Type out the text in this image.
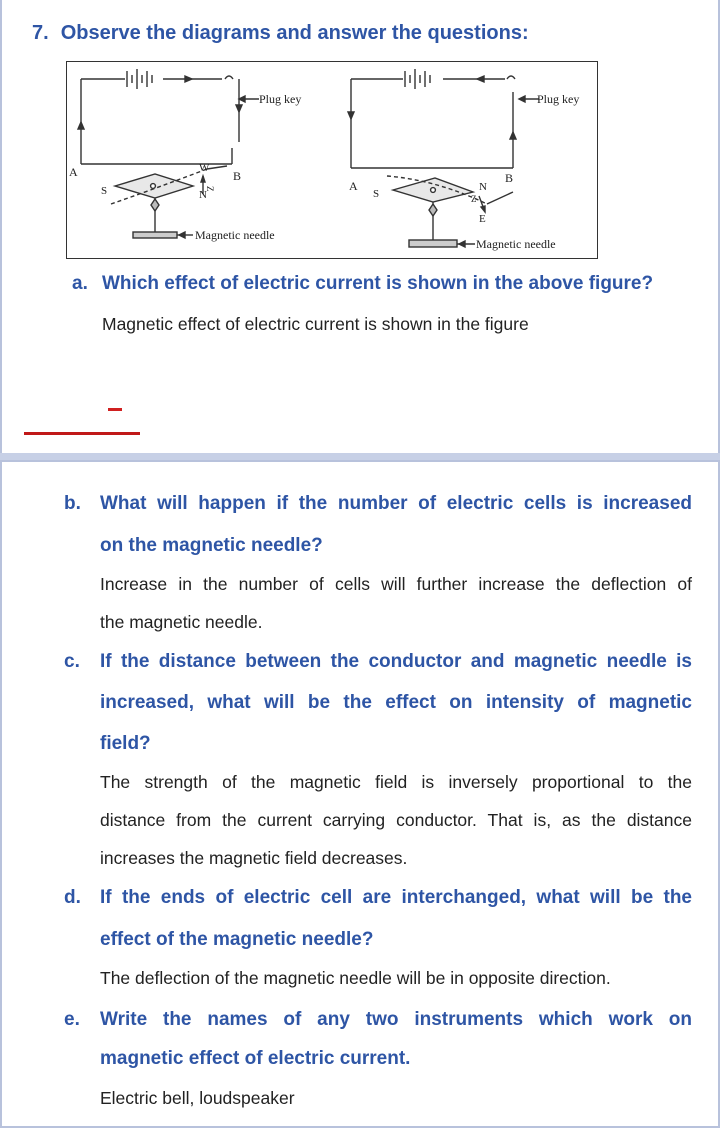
7. Observe the diagrams and answer the questions:
A	B
S	N
W
Z
Plug key
Magnetic needle
A
B
S
N
Z
E
Plug key
Magnetic needle
a. Which effect of electric current is shown in the above figure?
Magnetic effect of electric current is shown in the figure
b. What will happen if the number of electric cells is increased
on the magnetic needle?
Increase in the number of cells will further increase the deflection of
the magnetic needle.
c. If the distance between the conductor and magnetic needle is
increased, what will be the effect on intensity of magnetic
field?
The strength of the magnetic field is inversely proportional to the
distance from the current carrying conductor. That is, as the distance
increases the magnetic field decreases.
d. If the ends of electric cell are interchanged, what will be the
effect of the magnetic needle?
The deflection of the magnetic needle will be in opposite direction.
e. Write the names of any two instruments which work on
magnetic effect of electric current.
Electric bell, loudspeaker
